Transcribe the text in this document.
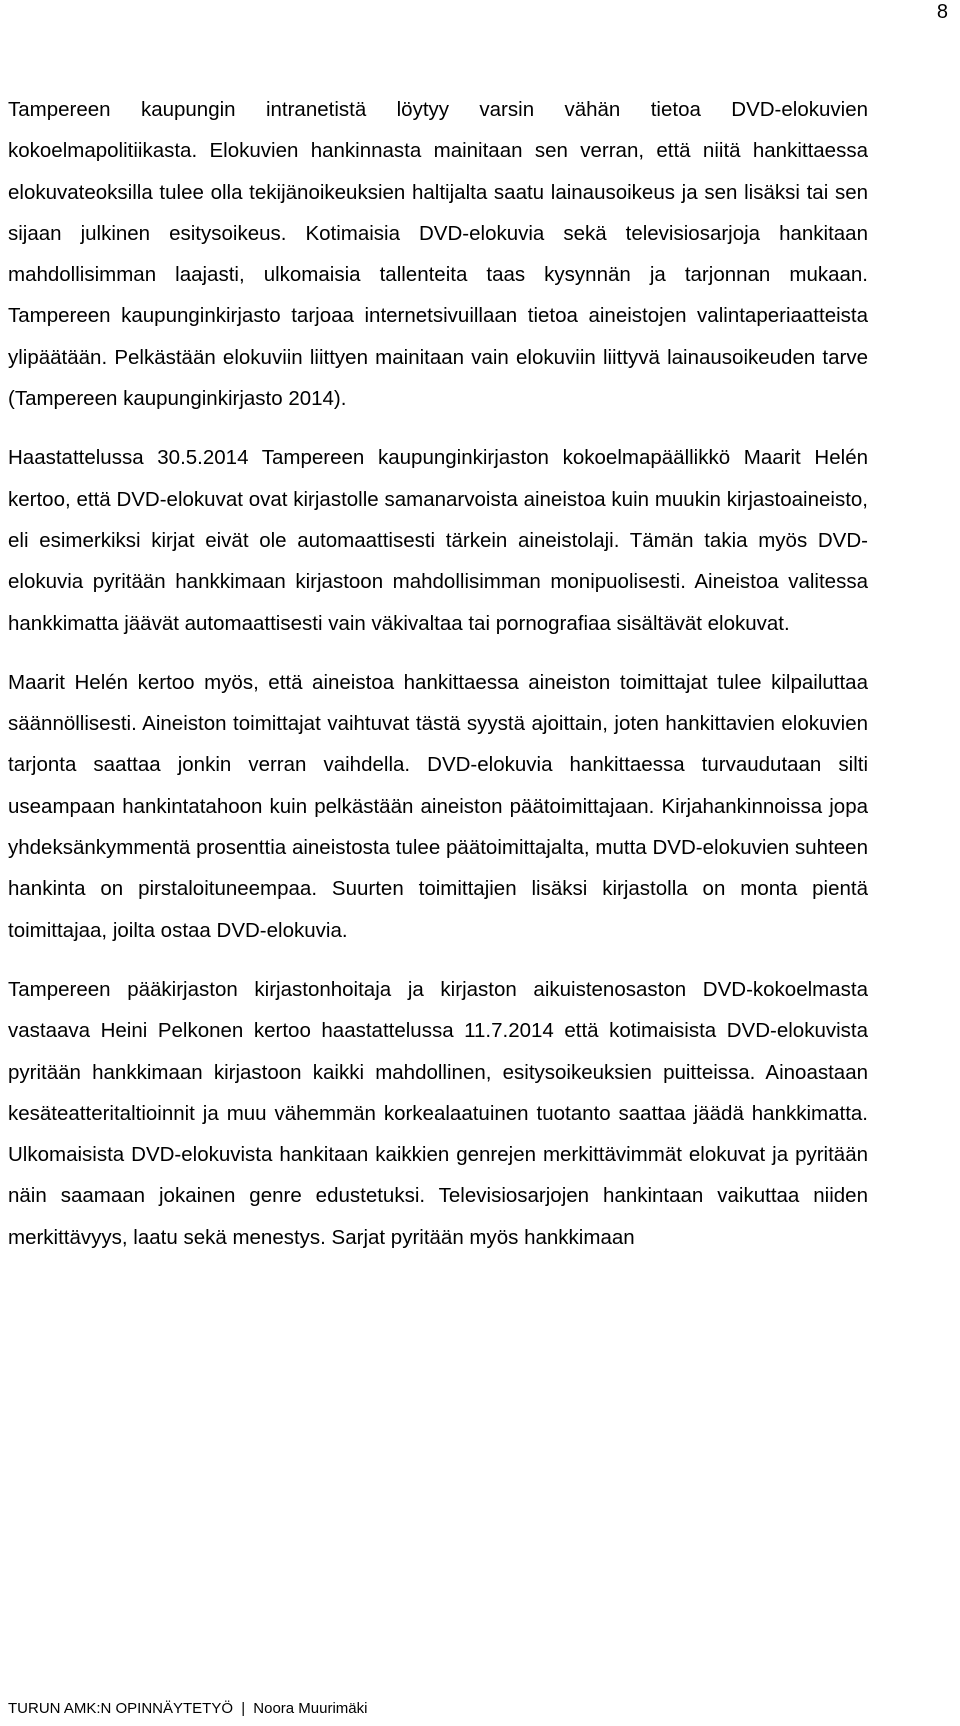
8

Tampereen kaupungin intranetistä löytyy varsin vähän tietoa DVD-elokuvien kokoelmapolitiikasta. Elokuvien hankinnasta mainitaan sen verran, että niitä hankittaessa elokuvateoksilla tulee olla tekijänoikeuksien haltijalta saatu lainausoikeus ja sen lisäksi tai sen sijaan julkinen esitysoikeus. Kotimaisia DVD-elokuvia sekä televisiosarjoja hankitaan mahdollisimman laajasti, ulkomaisia tallenteita taas kysynnän ja tarjonnan mukaan. Tampereen kaupunginkirjasto tarjoaa internetsivuillaan tietoa aineistojen valintaperiaatteista ylipäätään. Pelkästään elokuviin liittyen mainitaan vain elokuviin liittyvä lainausoikeuden tarve (Tampereen kaupunginkirjasto 2014).

Haastattelussa 30.5.2014 Tampereen kaupunginkirjaston kokoelmapäällikkö Maarit Helén kertoo, että DVD-elokuvat ovat kirjastolle samanarvoista aineistoa kuin muukin kirjastoaineisto, eli esimerkiksi kirjat eivät ole automaattisesti tärkein aineistolaji. Tämän takia myös DVD-elokuvia pyritään hankkimaan kirjastoon mahdollisimman monipuolisesti. Aineistoa valitessa hankkimatta jäävät automaattisesti vain väkivaltaa tai pornografiaa sisältävät elokuvat.

Maarit Helén kertoo myös, että aineistoa hankittaessa aineiston toimittajat tulee kilpailuttaa säännöllisesti. Aineiston toimittajat vaihtuvat tästä syystä ajoittain, joten hankittavien elokuvien tarjonta saattaa jonkin verran vaihdella. DVD-elokuvia hankittaessa turvaudutaan silti useampaan hankintatahoon kuin pelkästään aineiston päätoimittajaan. Kirjahankinnoissa jopa yhdeksänkymmentä prosenttia aineistosta tulee päätoimittajalta, mutta DVD-elokuvien suhteen hankinta on pirstaloituneempaa. Suurten toimittajien lisäksi kirjastolla on monta pientä toimittajaa, joilta ostaa DVD-elokuvia.

Tampereen pääkirjaston kirjastonhoitaja ja kirjaston aikuistenosaston DVD-kokoelmasta vastaava Heini Pelkonen kertoo haastattelussa 11.7.2014 että kotimaisista DVD-elokuvista pyritään hankkimaan kirjastoon kaikki mahdollinen, esitysoikeuksien puitteissa. Ainoastaan kesäteatteritaltioinnit ja muu vähemmän korkealaatuinen tuotanto saattaa jäädä hankkimatta. Ulkomaisista DVD-elokuvista hankitaan kaikkien genrejen merkittävimmät elokuvat ja pyritään näin saamaan jokainen genre edustetuksi. Televisiosarjojen hankintaan vaikuttaa niiden merkittävyys, laatu sekä menestys. Sarjat pyritään myös hankkimaan

TURUN AMK:N OPINNÄYTETYÖ | Noora Muurimäki
